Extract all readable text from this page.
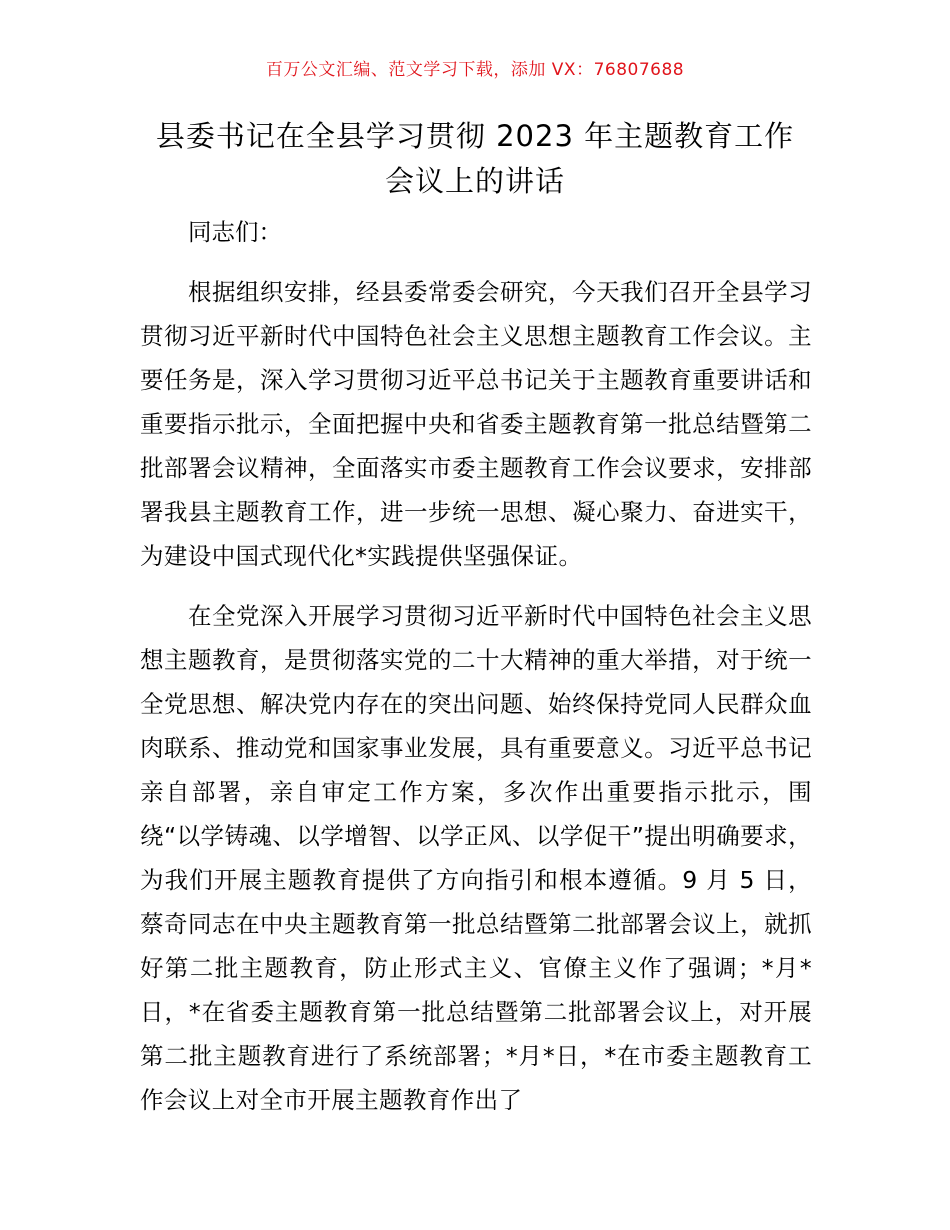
百万公文汇编、范文学习下载，添加 VX：76807688
县委书记在全县学习贯彻 2023 年主题教育工作
会议上的讲话

同志们：

根据组织安排，经县委常委会研究，今天我们召开全县学习贯彻习近平新时代中国特色社会主义思想主题教育工作会议。主要任务是，深入学习贯彻习近平总书记关于主题教育重要讲话和重要指示批示，全面把握中央和省委主题教育第一批总结暨第二批部署会议精神，全面落实市委主题教育工作会议要求，安排部署我县主题教育工作，进一步统一思想、凝心聚力、奋进实干，为建设中国式现代化*实践提供坚强保证。

在全党深入开展学习贯彻习近平新时代中国特色社会主义思想主题教育，是贯彻落实党的二十大精神的重大举措，对于统一全党思想、解决党内存在的突出问题、始终保持党同人民群众血肉联系、推动党和国家事业发展，具有重要意义。习近平总书记亲自部署，亲自审定工作方案，多次作出重要指示批示，围绕“以学铸魂、以学增智、以学正风、以学促干”提出明确要求，为我们开展主题教育提供了方向指引和根本遵循。9 月 5 日，蔡奇同志在中央主题教育第一批总结暨第二批部署会议上，就抓好第二批主题教育，防止形式主义、官僚主义作了强调；*月*日，*在省委主题教育第一批总结暨第二批部署会议上，对开展第二批主题教育进行了系统部署；*月*日，*在市委主题教育工作会议上对全市开展主题教育作出了
